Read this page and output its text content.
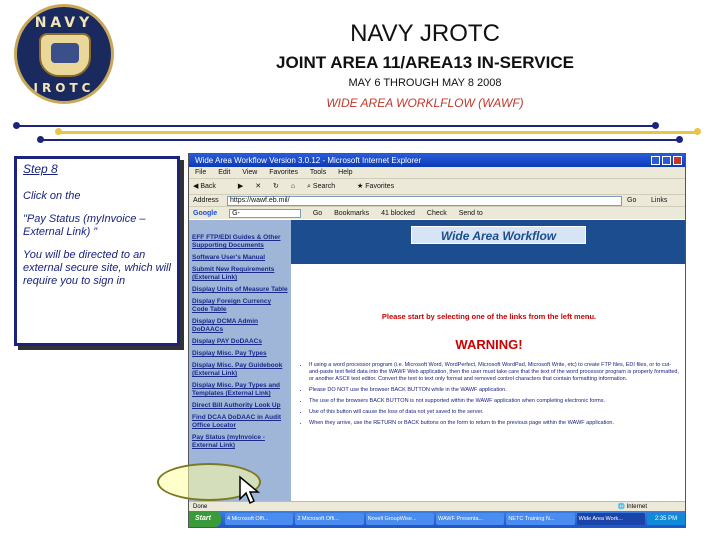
NAVY
JROTC
NAVY JROTC
JOINT AREA 11/AREA13 IN-SERVICE
MAY 6 THROUGH MAY 8 2008
WIDE AREA WORKLFLOW (WAWF)

Step 8

Click on the

"Pay Status (myInvoice – External Link) "

You will be directed to an external secure site, which will require you to sign in

Wide Area Workflow Version 3.0.12 - Microsoft Internet Explorer
File Edit View Favorites Tools Help
◀ Back	▶ ✕ ↻ ⌂ ⌕ Search	★ Favorites
Address	https://wawf.eb.mil/	Go Links
Google G-	Go Bookmarks 41 blocked Check Send to
EFF FTP/EDI Guides & Other Supporting Documents
Software User's Manual
Submit New Requirements (External Link)
Display Units of Measure Table
Display Foreign Currency Code Table
Display DCMA Admin DoDAACs
Display PAY DoDAACs
Display Misc. Pay Types
Display Misc. Pay Guidebook (External Link)
Display Misc. Pay Types and Templates (External Link)
Direct Bill Authority Look Up
Find DCAA DoDAAC in Audit Office Locator
Pay Status (myInvoice - External Link)
Wide Area Workflow
Please start by selecting one of the links from the left menu.
WARNING!
• If using a word processor program (i.e. Microsoft Word, WordPerfect, Microsoft WordPad, Microsoft Write, etc) to create FTP files, EDI files, or to cut-and-paste text field data into the WAWF Web application, then the user must take care that the text of the word processor program is properly formatted, or another ASCII text editor. Convert the text to text only format and removed control characters that contain formatting information.
• Please DO NOT use the browser BACK BUTTON while in the WAWF application.
• The use of the browsers BACK BUTTON is not supported within the WAWF application when completing electronic forms.
• Use of this button will cause the loss of data not yet saved to the server.
• When they arrive, use the RETURN or BACK buttons on the form to return to the previous page within the WAWF application.
Done	🌐 Internet
Start	4 Microsoft Offi...	2 Microsoft Offi...	Novell GroupWise...	WAWF Presenta...	NETC Training N...	Wide Area Work...	2:35 PM
